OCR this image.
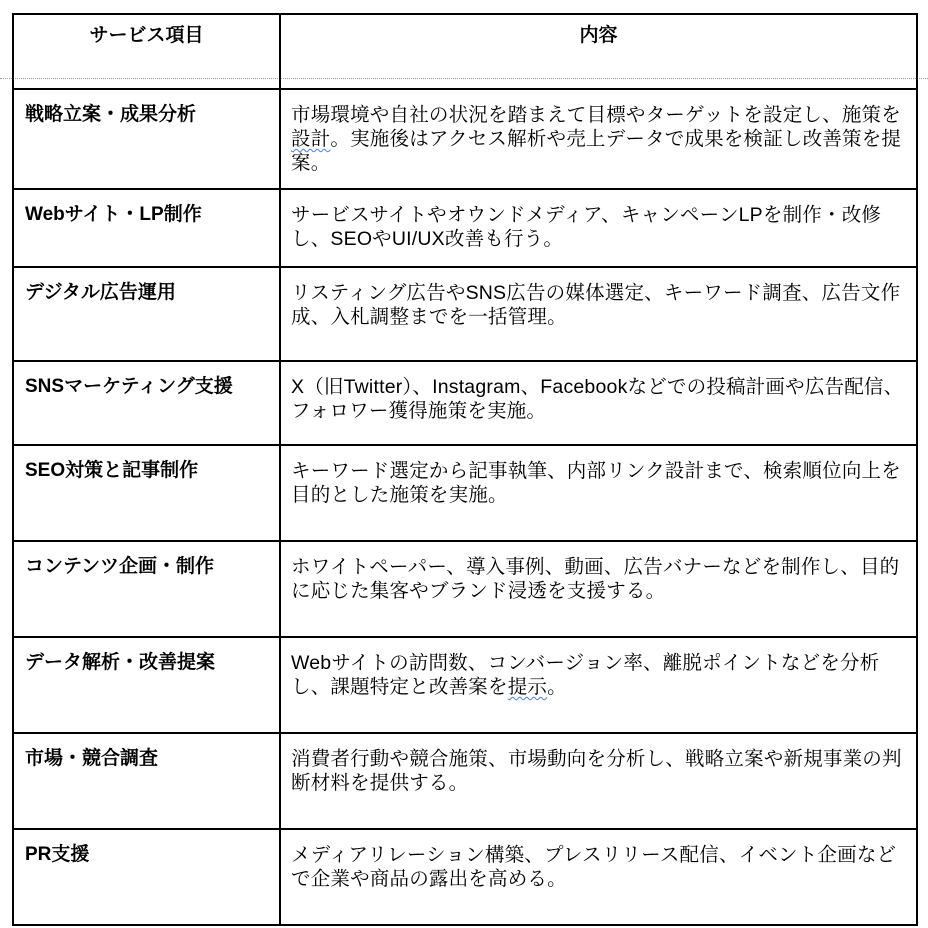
サービス項目	内容
戦略立案・成果分析	市場環境や自社の状況を踏まえて目標やターゲットを設定し、施策を設計。実施後はアクセス解析や売上データで成果を検証し改善策を提案。
Webサイト・LP制作	サービスサイトやオウンドメディア、キャンペーンLPを制作・改修し、SEOやUI/UX改善も行う。
デジタル広告運用	リスティング広告やSNS広告の媒体選定、キーワード調査、広告文作成、入札調整までを一括管理。
SNSマーケティング支援	X（旧Twitter）、Instagram、Facebookなどでの投稿計画や広告配信、フォロワー獲得施策を実施。
SEO対策と記事制作	キーワード選定から記事執筆、内部リンク設計まで、検索順位向上を目的とした施策を実施。
コンテンツ企画・制作	ホワイトペーパー、導入事例、動画、広告バナーなどを制作し、目的に応じた集客やブランド浸透を支援する。
データ解析・改善提案	Webサイトの訪問数、コンバージョン率、離脱ポイントなどを分析し、課題特定と改善案を提示。
市場・競合調査	消費者行動や競合施策、市場動向を分析し、戦略立案や新規事業の判断材料を提供する。
PR支援	メディアリレーション構築、プレスリリース配信、イベント企画などで企業や商品の露出を高める。
